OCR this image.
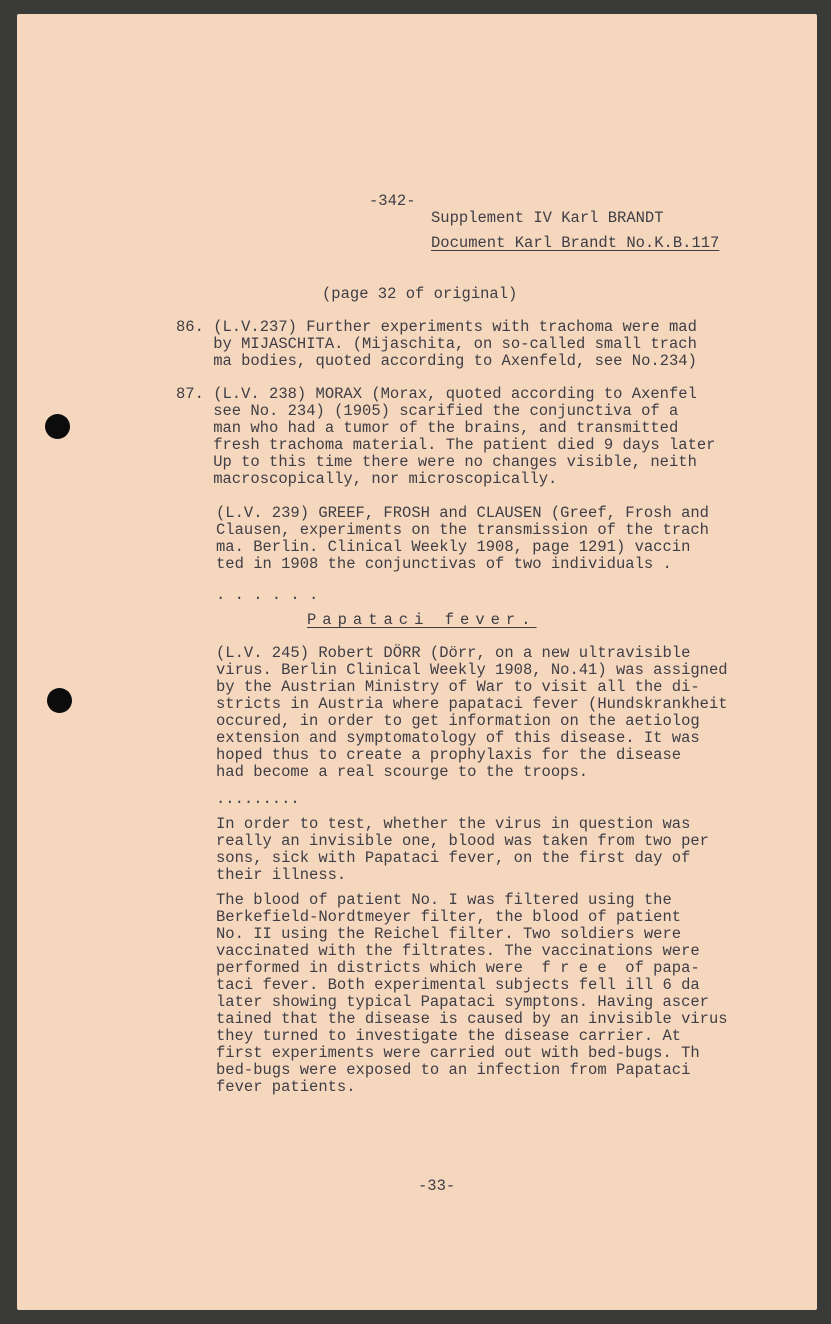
-342-

Supplement IV Karl BRANDT

Document Karl Brandt No.K.B.117

(page 32 of original)

86. (L.V.237) Further experiments with trachoma were mad

by MIJASCHITA. (Mijaschita, on so-called small trach

ma bodies, quoted according to Axenfeld, see No.234)

87. (L.V. 238) MORAX (Morax, quoted according to Axenfel

see No. 234) (1905) scarified the conjunctiva of a

man who had a tumor of the brains, and transmitted

fresh trachoma material. The patient died 9 days later

Up to this time there were no changes visible, neith

macroscopically, nor microscopically.

(L.V. 239) GREEF, FROSH and CLAUSEN (Greef, Frosh and

Clausen, experiments on the transmission of the trach

ma. Berlin. Clinical Weekly 1908, page 1291) vaccin

ted in 1908 the conjunctivas of two individuals .

. . . . . .

Papataci fever.

(L.V. 245) Robert DÖRR (Dörr, on a new ultravisible

virus. Berlin Clinical Weekly 1908, No.41) was assigned

by the Austrian Ministry of War to visit all the di-

stricts in Austria where papataci fever (Hundskrankheit

occured, in order to get information on the aetiolog

extension and symptomatology of this disease. It was

hoped thus to create a prophylaxis for the disease

had become a real scourge to the troops.

.........

In order to test, whether the virus in question was

really an invisible one, blood was taken from two per

sons, sick with Papataci fever, on the first day of

their illness.

The blood of patient No. I was filtered using the

Berkefield-Nordtmeyer filter, the blood of patient

No. II using the Reichel filter. Two soldiers were

vaccinated with the filtrates. The vaccinations were

performed in districts which were  f r e e  of papa-

taci fever. Both experimental subjects fell ill 6 da

later showing typical Papataci symptons. Having ascer

tained that the disease is caused by an invisible virus

they turned to investigate the disease carrier. At

first experiments were carried out with bed-bugs. Th

bed-bugs were exposed to an infection from Papataci

fever patients.

-33-
